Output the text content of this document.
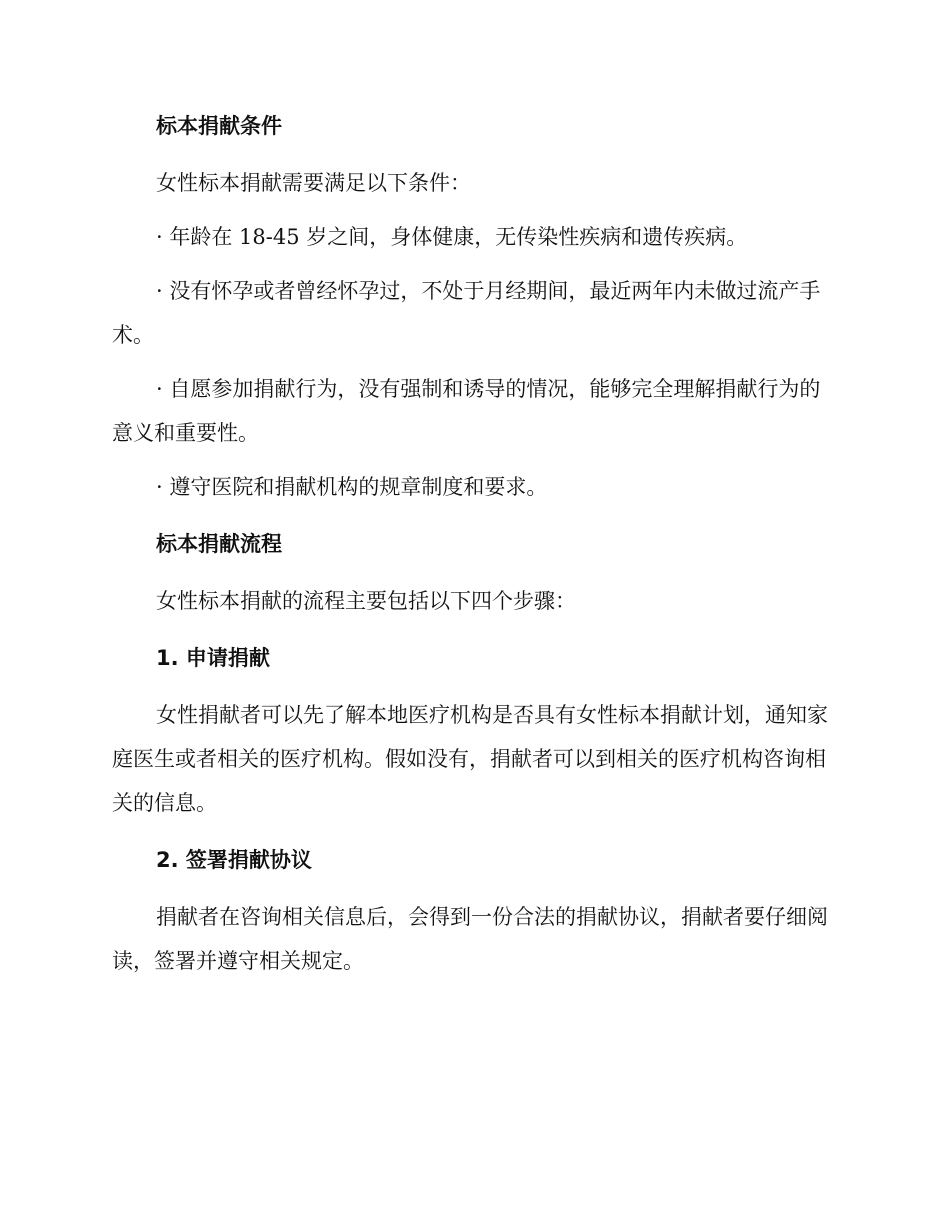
标本捐献条件

女性标本捐献需要满足以下条件：

· 年龄在 18-45 岁之间，身体健康，无传染性疾病和遗传疾病。

· 没有怀孕或者曾经怀孕过，不处于月经期间，最近两年内未做过流产手术。

· 自愿参加捐献行为，没有强制和诱导的情况，能够完全理解捐献行为的意义和重要性。

· 遵守医院和捐献机构的规章制度和要求。

标本捐献流程

女性标本捐献的流程主要包括以下四个步骤：

1. 申请捐献

女性捐献者可以先了解本地医疗机构是否具有女性标本捐献计划，通知家庭医生或者相关的医疗机构。假如没有，捐献者可以到相关的医疗机构咨询相关的信息。

2. 签署捐献协议

捐献者在咨询相关信息后，会得到一份合法的捐献协议，捐献者要仔细阅读，签署并遵守相关规定。
